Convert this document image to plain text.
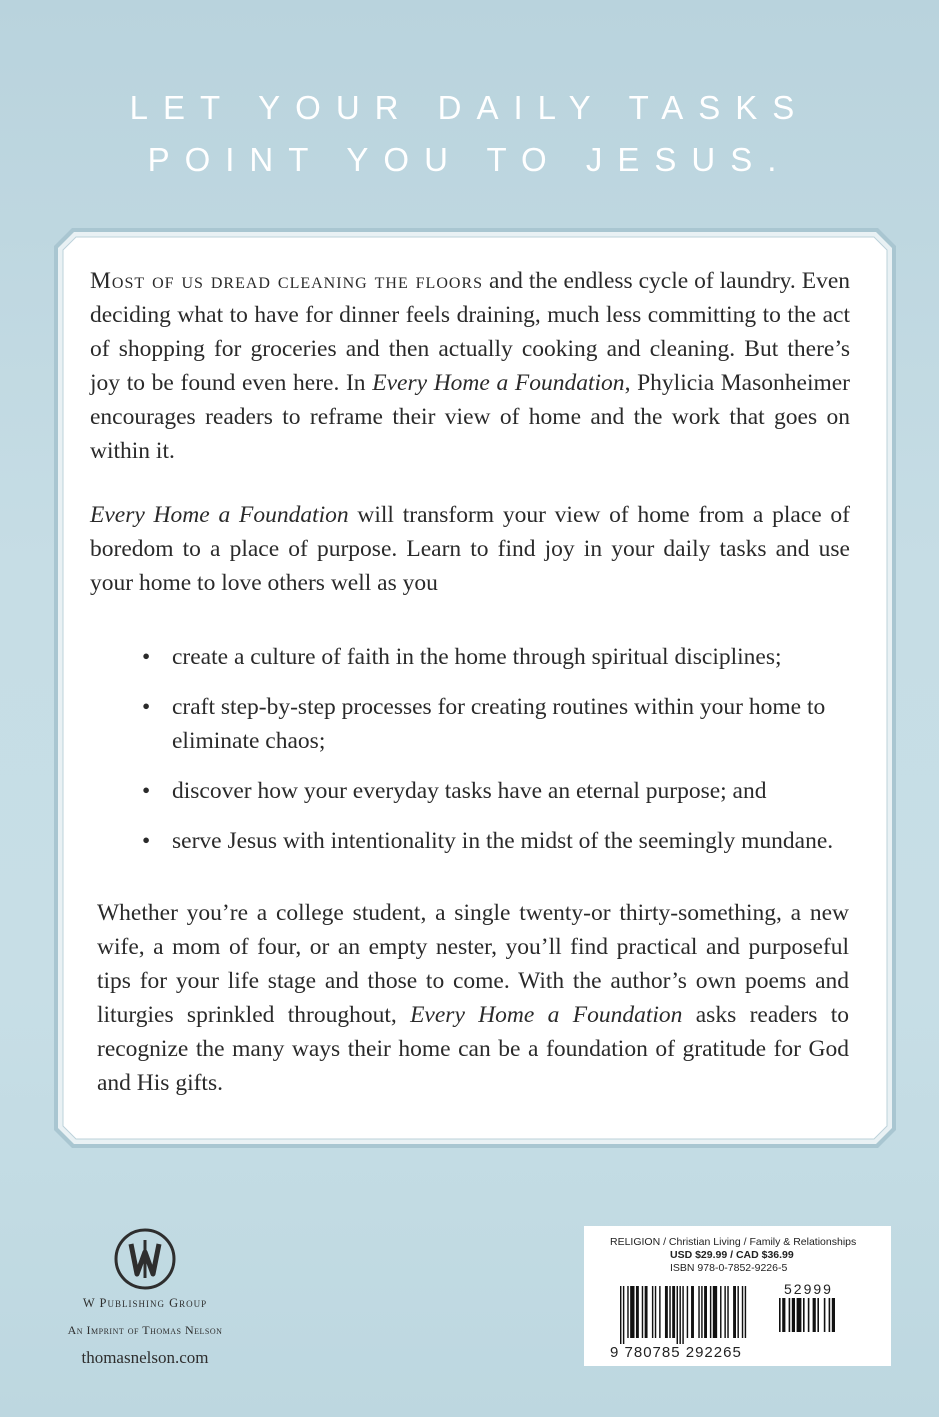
LET YOUR DAILY TASKS
POINT YOU TO JESUS.
Most of us dread cleaning the floors and the endless cycle of laundry. Even deciding what to have for dinner feels draining, much less committing to the act of shopping for groceries and then actually cooking and cleaning. But there’s joy to be found even here. In Every Home a Foundation, Phylicia Masonheimer encourages readers to reframe their view of home and the work that goes on within it.
Every Home a Foundation will transform your view of home from a place of boredom to a place of purpose. Learn to find joy in your daily tasks and use your home to love others well as you
• create a culture of faith in the home through spiritual disciplines;
• craft step-by-step processes for creating routines within your home to eliminate chaos;
• discover how your everyday tasks have an eternal purpose; and
• serve Jesus with intentionality in the midst of the seemingly mundane.
Whether you’re a college student, a single twenty-or thirty-something, a new wife, a mom of four, or an empty nester, you’ll find practical and purposeful tips for your life stage and those to come. With the author’s own poems and liturgies sprinkled throughout, Every Home a Foundation asks readers to recognize the many ways their home can be a foundation of gratitude for God and His gifts.
W Publishing Group
An Imprint of Thomas Nelson
thomasnelson.com
RELIGION / Christian Living / Family & Relationships
USD $29.99 / CAD $36.99
ISBN 978-0-7852-9226-5
52999
9 780785 292265
